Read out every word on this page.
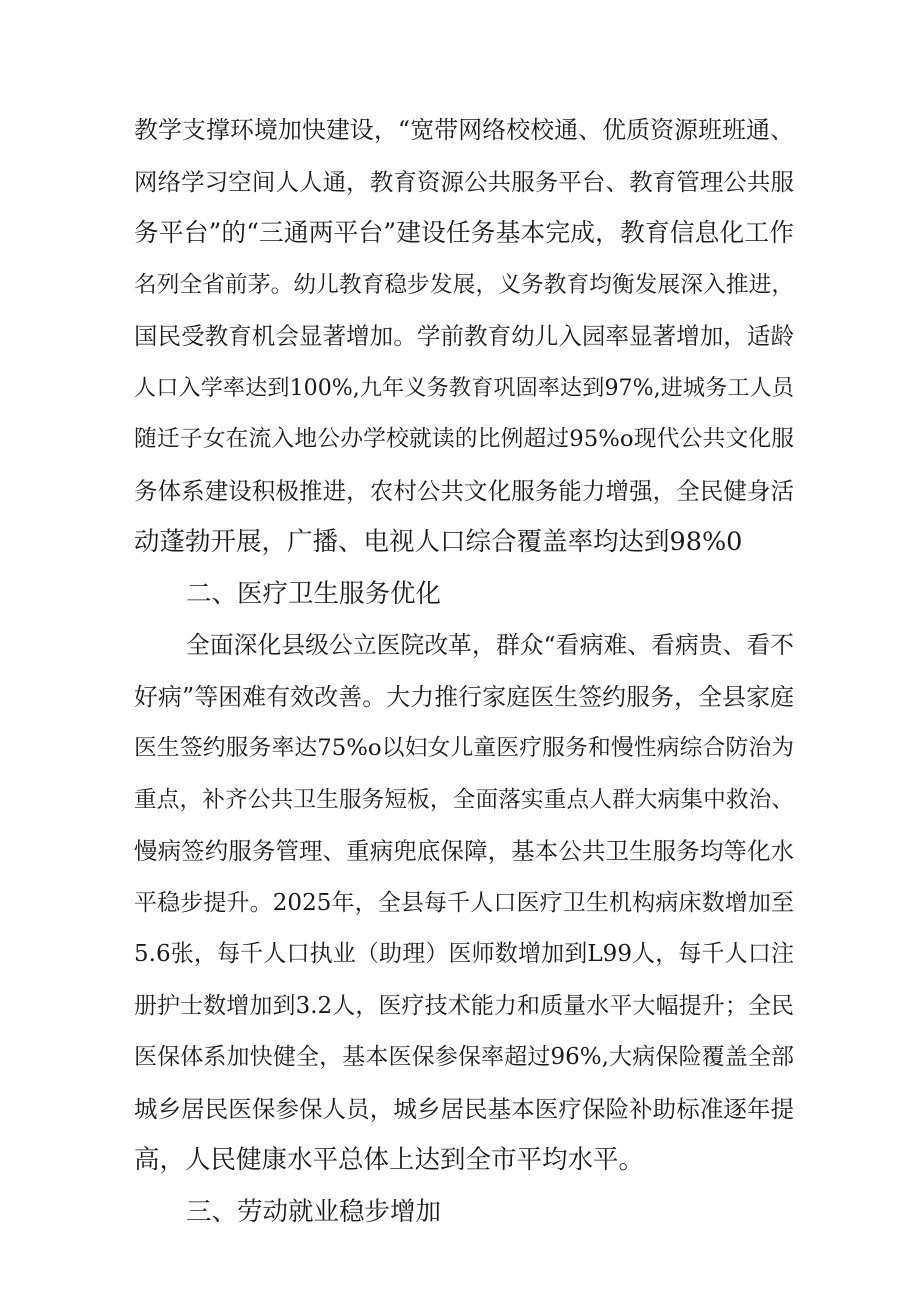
教学支撑环境加快建设，“宽带网络校校通、优质资源班班通、
网络学习空间人人通，教育资源公共服务平台、教育管理公共服
务平台”的“三通两平台”建设任务基本完成，教育信息化工作
名列全省前茅。幼儿教育稳步发展，义务教育均衡发展深入推进，
国民受教育机会显著增加。学前教育幼儿入园率显著增加，适龄
人口入学率达到100%,九年义务教育巩固率达到97%,进城务工人员
随迁子女在流入地公办学校就读的比例超过95%o现代公共文化服
务体系建设积极推进，农村公共文化服务能力增强，全民健身活
动蓬勃开展，广播、电视人口综合覆盖率均达到98%0
二、医疗卫生服务优化
全面深化县级公立医院改革，群众“看病难、看病贵、看不
好病”等困难有效改善。大力推行家庭医生签约服务，全县家庭
医生签约服务率达75%o以妇女儿童医疗服务和慢性病综合防治为
重点，补齐公共卫生服务短板，全面落实重点人群大病集中救治、
慢病签约服务管理、重病兜底保障，基本公共卫生服务均等化水
平稳步提升。2025年，全县每千人口医疗卫生机构病床数增加至
5.6张，每千人口执业（助理）医师数增加到L99人，每千人口注
册护士数增加到3.2人，医疗技术能力和质量水平大幅提升；全民
医保体系加快健全，基本医保参保率超过96%,大病保险覆盖全部
城乡居民医保参保人员，城乡居民基本医疗保险补助标准逐年提
高，人民健康水平总体上达到全市平均水平。
三、劳动就业稳步增加
